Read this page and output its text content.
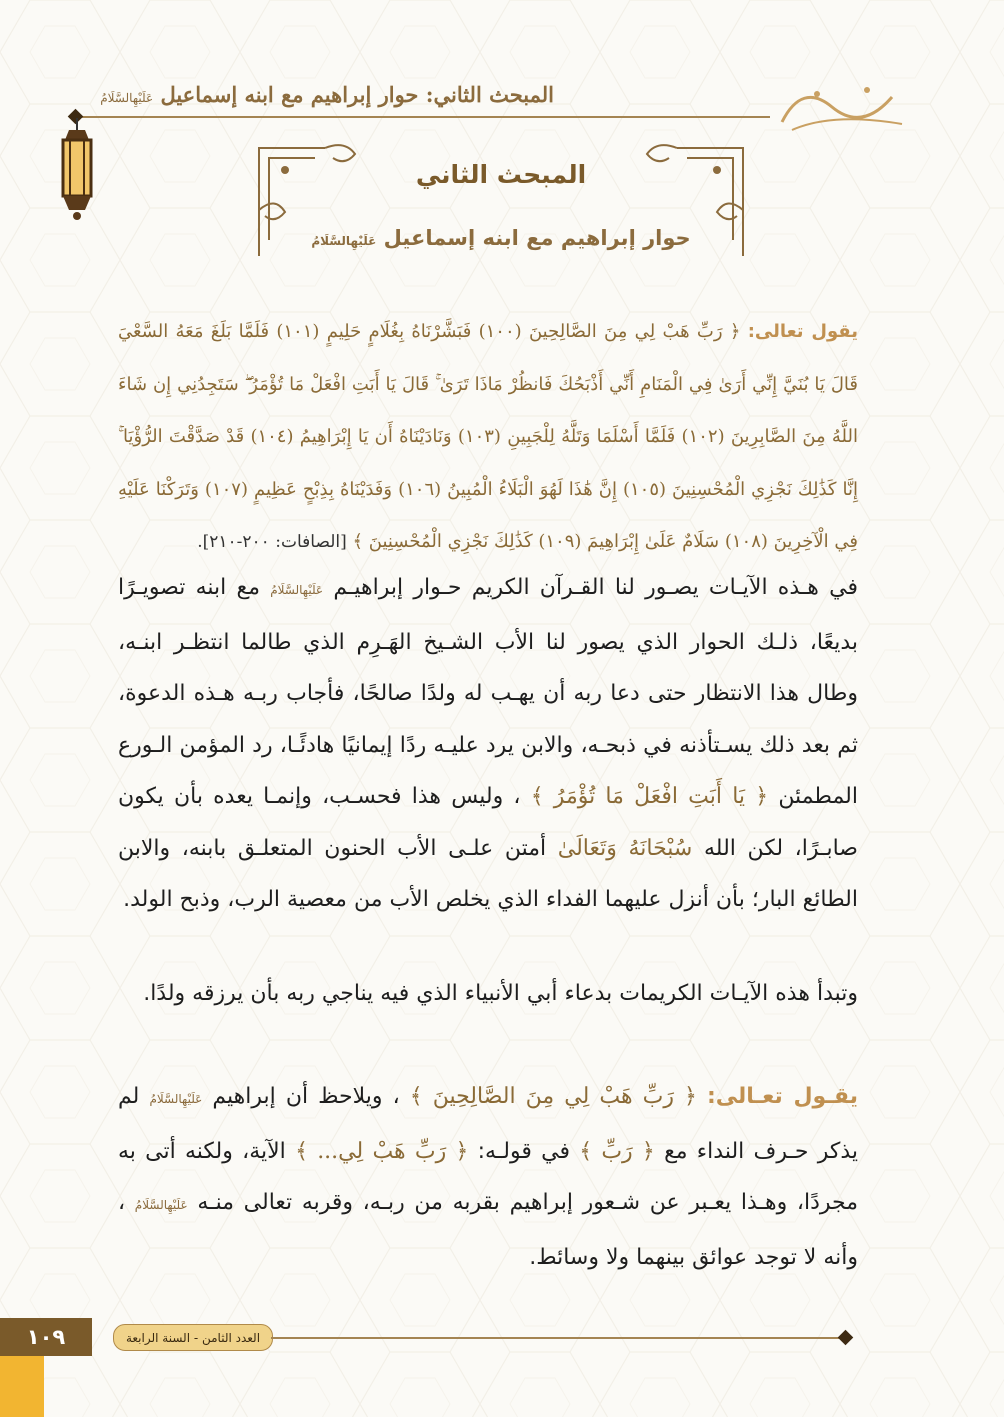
المبحث الثاني: حوار إبراهيم مع ابنه إسماعيل عَلَيْهِالسَّلَامُ
المبحث الثاني
حوار إبراهيم مع ابنه إسماعيل عَلَيْهِالسَّلَامُ
يقول تعالى: ﴿ رَبِّ هَبْ لِي مِنَ الصَّالِحِينَ (١٠٠) فَبَشَّرْنَاهُ بِغُلَامٍ حَلِيمٍ (١٠١) فَلَمَّا بَلَغَ مَعَهُ السَّعْيَ قَالَ يَا بُنَيَّ إِنِّي أَرَىٰ فِي الْمَنَامِ أَنِّي أَذْبَحُكَ فَانظُرْ مَاذَا تَرَىٰ ۚ قَالَ يَا أَبَتِ افْعَلْ مَا تُؤْمَرُ ۖ سَتَجِدُنِي إِن شَاءَ اللَّهُ مِنَ الصَّابِرِينَ (١٠٢) فَلَمَّا أَسْلَمَا وَتَلَّهُ لِلْجَبِينِ (١٠٣) وَنَادَيْنَاهُ أَن يَا إِبْرَاهِيمُ (١٠٤) قَدْ صَدَّقْتَ الرُّؤْيَا ۚ إِنَّا كَذَٰلِكَ نَجْزِي الْمُحْسِنِينَ (١٠٥) إِنَّ هَٰذَا لَهُوَ الْبَلَاءُ الْمُبِينُ (١٠٦) وَفَدَيْنَاهُ بِذِبْحٍ عَظِيمٍ (١٠٧) وَتَرَكْنَا عَلَيْهِ فِي الْآخِرِينَ (١٠٨) سَلَامٌ عَلَىٰ إِبْرَاهِيمَ (١٠٩) كَذَٰلِكَ نَجْزِي الْمُحْسِنِينَ ﴾ [الصافات: ٢٠٠-٢١٠].
في هـذه الآيـات يصـور لنا القـرآن الكريم حـوار إبراهيـم عَلَيْهِالسَّلَامُ مع ابنه تصويـرًا بديعًا، ذلـك الحوار الذي يصور لنا الأب الشـيخ الهَـرِم الذي طالما انتظـر ابنـه، وطال هذا الانتظار حتى دعا ربه أن يهـب له ولدًا صالحًا، فأجاب ربـه هـذه الدعوة، ثم بعد ذلك يسـتأذنه في ذبحـه، والابن يرد عليـه ردًا إيمانيًا هادئًـا، رد المؤمن الـورع المطمئن ﴿ يَا أَبَتِ افْعَلْ مَا تُؤْمَرُ ﴾ ، وليس هذا فحسـب، وإنمـا يعده بأن يكون صابـرًا، لكن الله سُبْحَانَهُ وَتَعَالَىٰ أمتن علـى الأب الحنون المتعلـق بابنه، والابن الطائع البار؛ بأن أنزل عليهما الفداء الذي يخلص الأب من معصية الرب، وذبح الولد.
وتبدأ هذه الآيـات الكريمات بدعاء أبي الأنبياء الذي فيه يناجي ربه بأن يرزقه ولدًا.
يقـول تعـالى: ﴿ رَبِّ هَبْ لِي مِنَ الصَّالِحِينَ ﴾ ، ويلاحظ أن إبراهيم عَلَيْهِالسَّلَامُ لم يذكر حـرف النداء مع ﴿ رَبِّ ﴾ في قولـه: ﴿ رَبِّ هَبْ لِي... ﴾ الآية، ولكنه أتى به مجردًا، وهـذا يعـبر عن شـعور إبراهيم بقربه من ربـه، وقربه تعالى منـه عَلَيْهِالسَّلَامُ ، وأنه لا توجد عوائق بينهما ولا وسائط.
١٠٩	العدد الثامن - السنة الرابعة
